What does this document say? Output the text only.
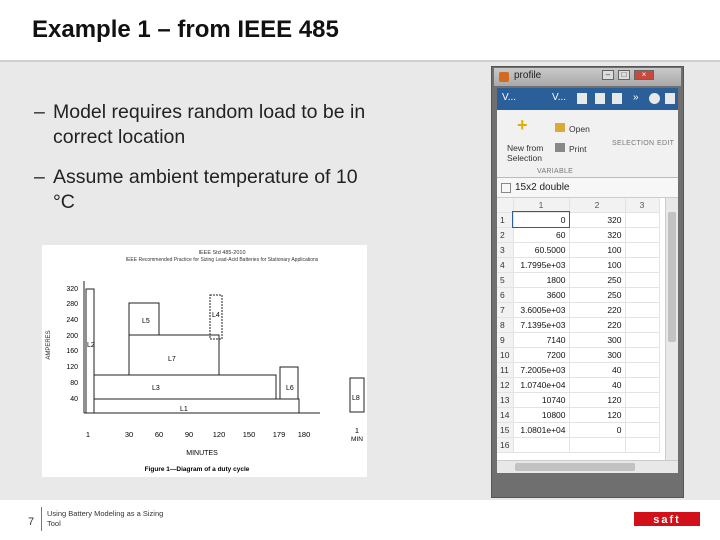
Example 1 – from IEEE 485
– Model requires random load to be in correct location
– Assume ambient temperature of 10 °C
IEEE Std 485-2010
IEEE Recommended Practice for Sizing Lead-Acid Batteries for Stationary Applications
AMPERES
320
280
240
200
160
120
80
40
L5
L4
L2
L1
L3	L6
L7
L8
1	30	60	90	120 150 179 180	1
MIN
MINUTES
Figure 1—Diagram of a duty cycle
profile	–	□	×
V...	V...	»
+
New from Selection
Open
Print
SELECTION EDIT
VARIABLE
15x2 double
	1	2	3
1	0	320	
2	60	320	
3	60.5000	100	
4	1.7995e+03	100	
5	1800	250	
6	3600	250	
7	3.6005e+03	220	
8	7.1395e+03	220	
9	7140	300	
10	7200	300	
11	7.2005e+03	40	
12	1.0740e+04	40	
13	10740	120	
14	10800	120	
15	1.0801e+04	0	
16			
7
Using Battery Modeling as a Sizing Tool	saft
